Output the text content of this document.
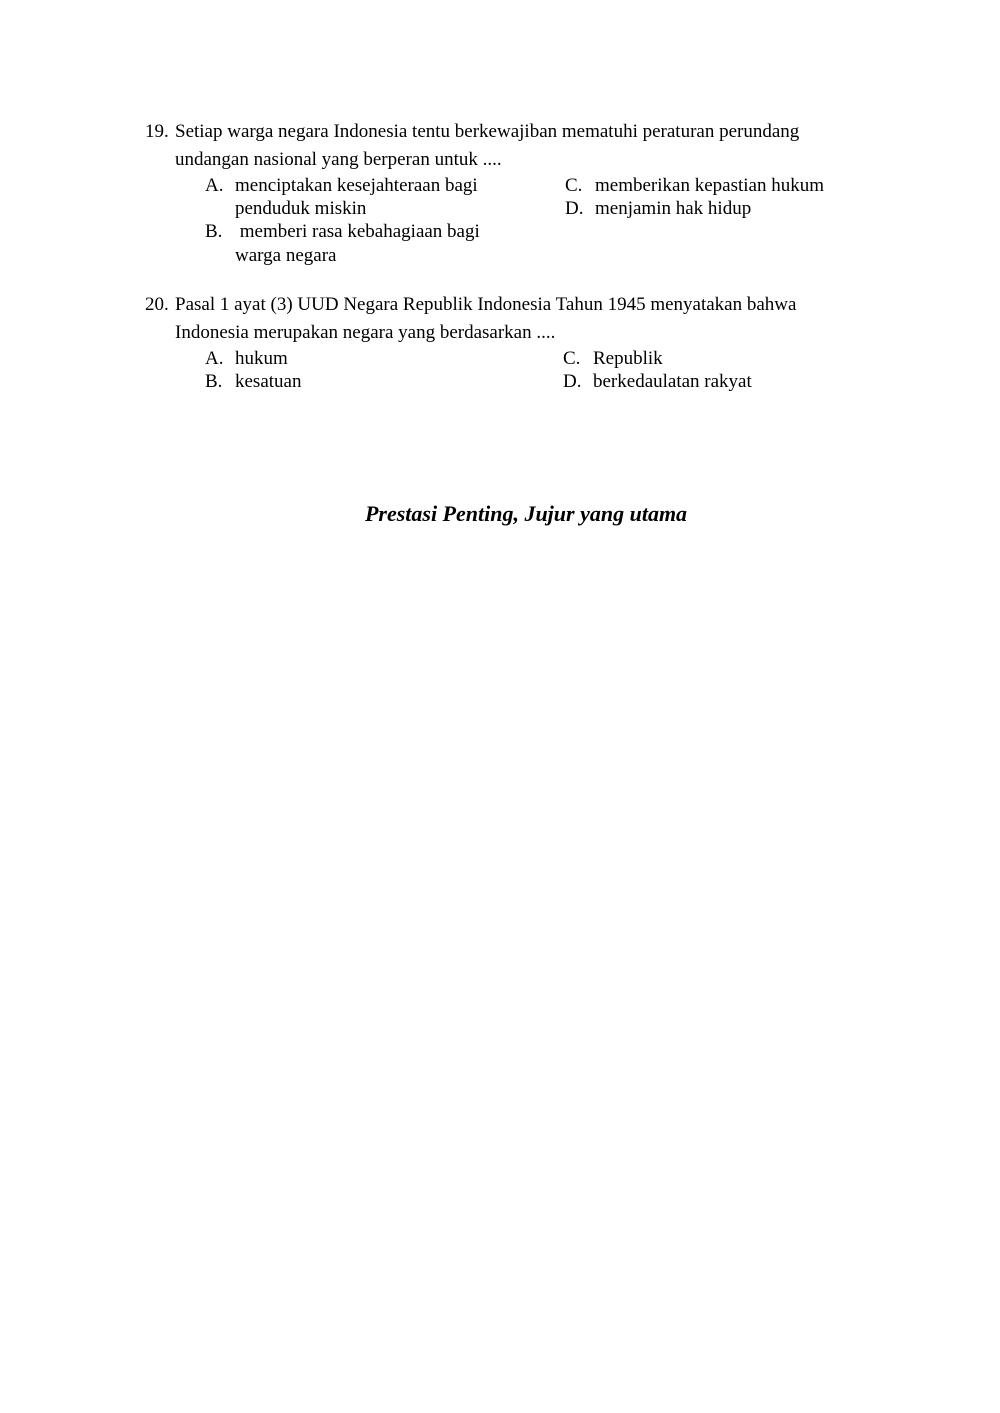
19. Setiap warga negara Indonesia tentu berkewajiban mematuhi peraturan perundang
undangan nasional yang berperan untuk ....
A. menciptakan kesejahteraan bagi
penduduk miskin
B. memberi rasa kebahagiaan bagi
warga negara
C. memberikan kepastian hukum
D. menjamin hak hidup
20. Pasal 1 ayat (3) UUD Negara Republik Indonesia Tahun 1945 menyatakan bahwa
Indonesia merupakan negara yang berdasarkan ....
A. hukum
B. kesatuan
C. Republik
D. berkedaulatan rakyat
Prestasi Penting, Jujur yang utama
